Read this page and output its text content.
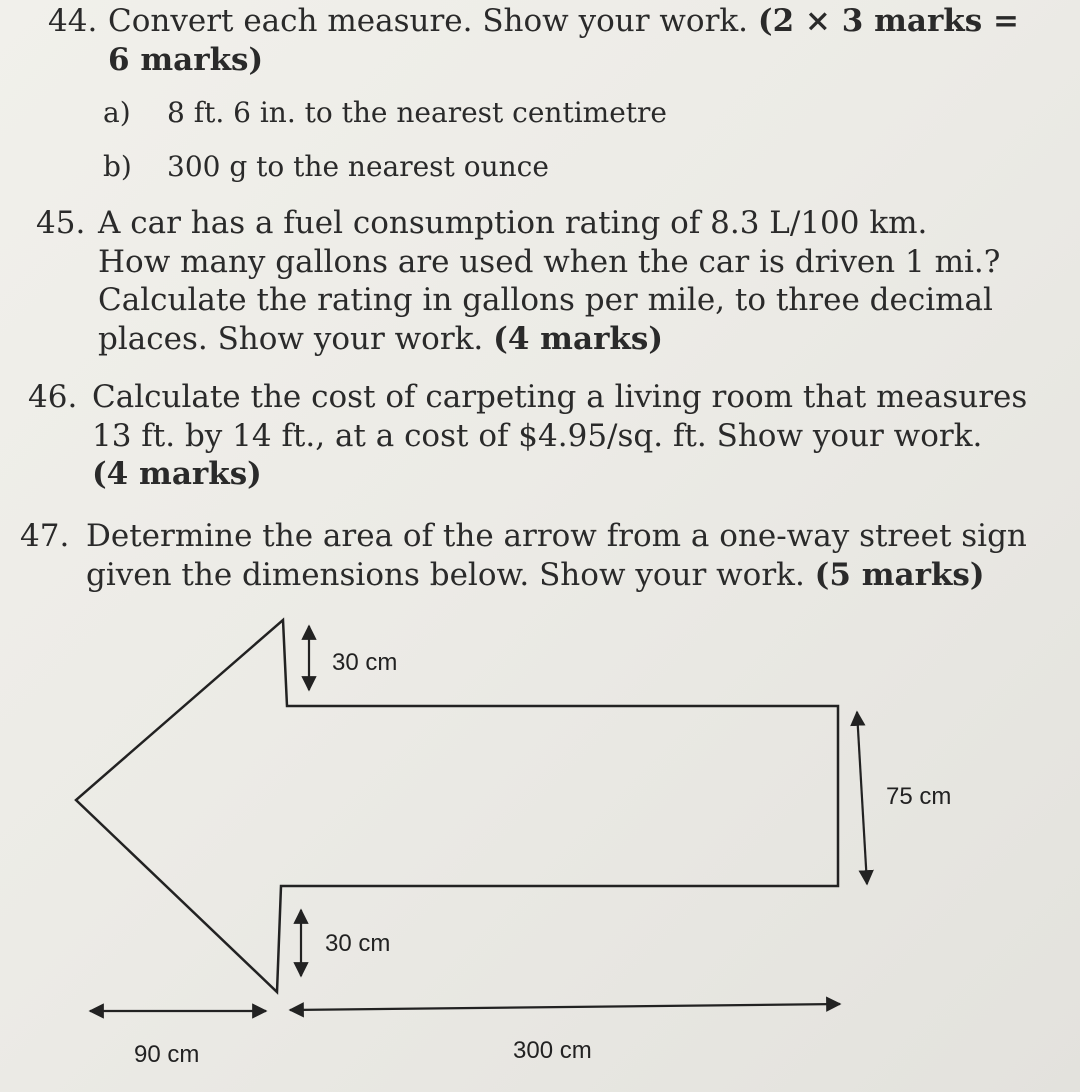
44. Convert each measure. Show your work. (2 × 3 marks =
6 marks)
a) 8 ft. 6 in. to the nearest centimetre
b) 300 g to the nearest ounce
45. A car has a fuel consumption rating of 8.3 L/100 km.
How many gallons are used when the car is driven 1 mi.?
Calculate the rating in gallons per mile, to three decimal
places. Show your work. (4 marks)
46. Calculate the cost of carpeting a living room that measures
13 ft. by 14 ft., at a cost of $4.95/sq. ft. Show your work.
(4 marks)
47. Determine the area of the arrow from a one-way street sign
given the dimensions below. Show your work. (5 marks)
30 cm
75 cm
30 cm
90 cm	300 cm
